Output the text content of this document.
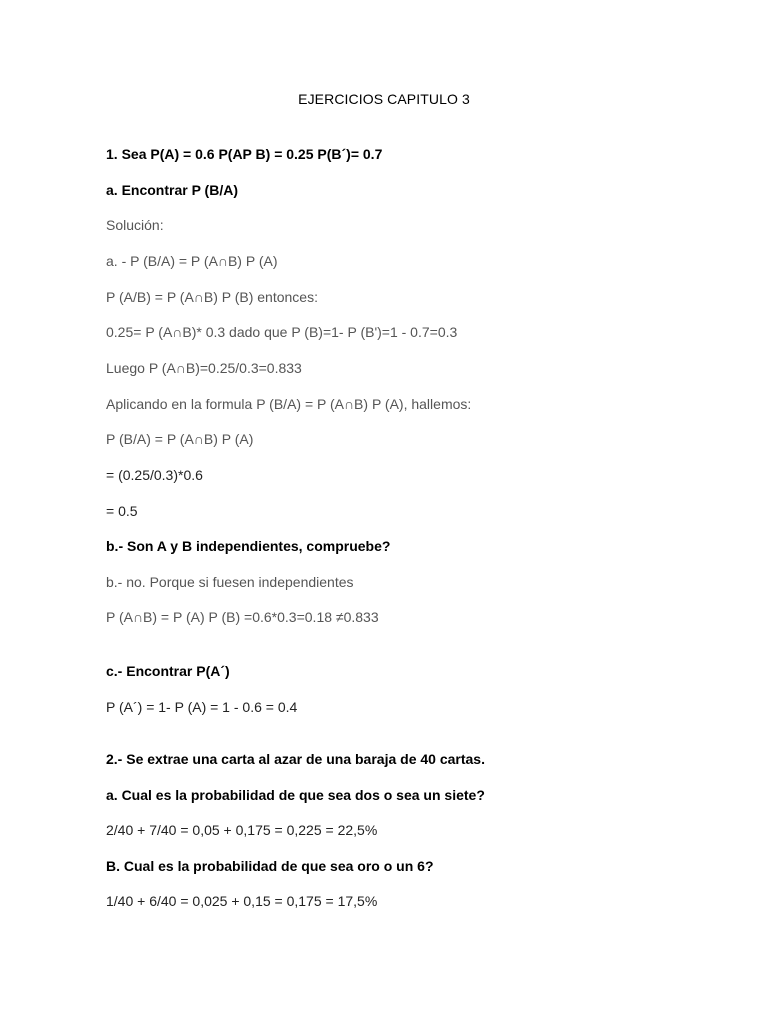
EJERCICIOS CAPITULO 3
1. Sea P(A) = 0.6 P(AP B) = 0.25 P(B´)= 0.7
a. Encontrar P (B/A)
Solución:
a. - P (B/A) = P (A∩B) P (A)
P (A/B) = P (A∩B) P (B) entonces:
0.25= P (A∩B)* 0.3 dado que P (B)=1- P (B')=1 - 0.7=0.3
Luego P (A∩B)=0.25/0.3=0.833
Aplicando en la formula P (B/A) = P (A∩B) P (A), hallemos:
P (B/A) = P (A∩B) P (A)
= (0.25/0.3)*0.6
= 0.5
b.- Son A y B independientes, compruebe?
b.- no. Porque si fuesen independientes
P (A∩B) = P (A) P (B) =0.6*0.3=0.18 ≠0.833
c.- Encontrar P(A´)
P (A´) = 1- P (A) = 1 - 0.6 = 0.4
2.- Se extrae una carta al azar de una baraja de 40 cartas.
a. Cual es la probabilidad de que sea dos o sea un siete?
2/40 + 7/40 = 0,05 + 0,175 = 0,225 = 22,5%
B. Cual es la probabilidad de que sea oro o un 6?
1/40 + 6/40 = 0,025 + 0,15 = 0,175 = 17,5%
